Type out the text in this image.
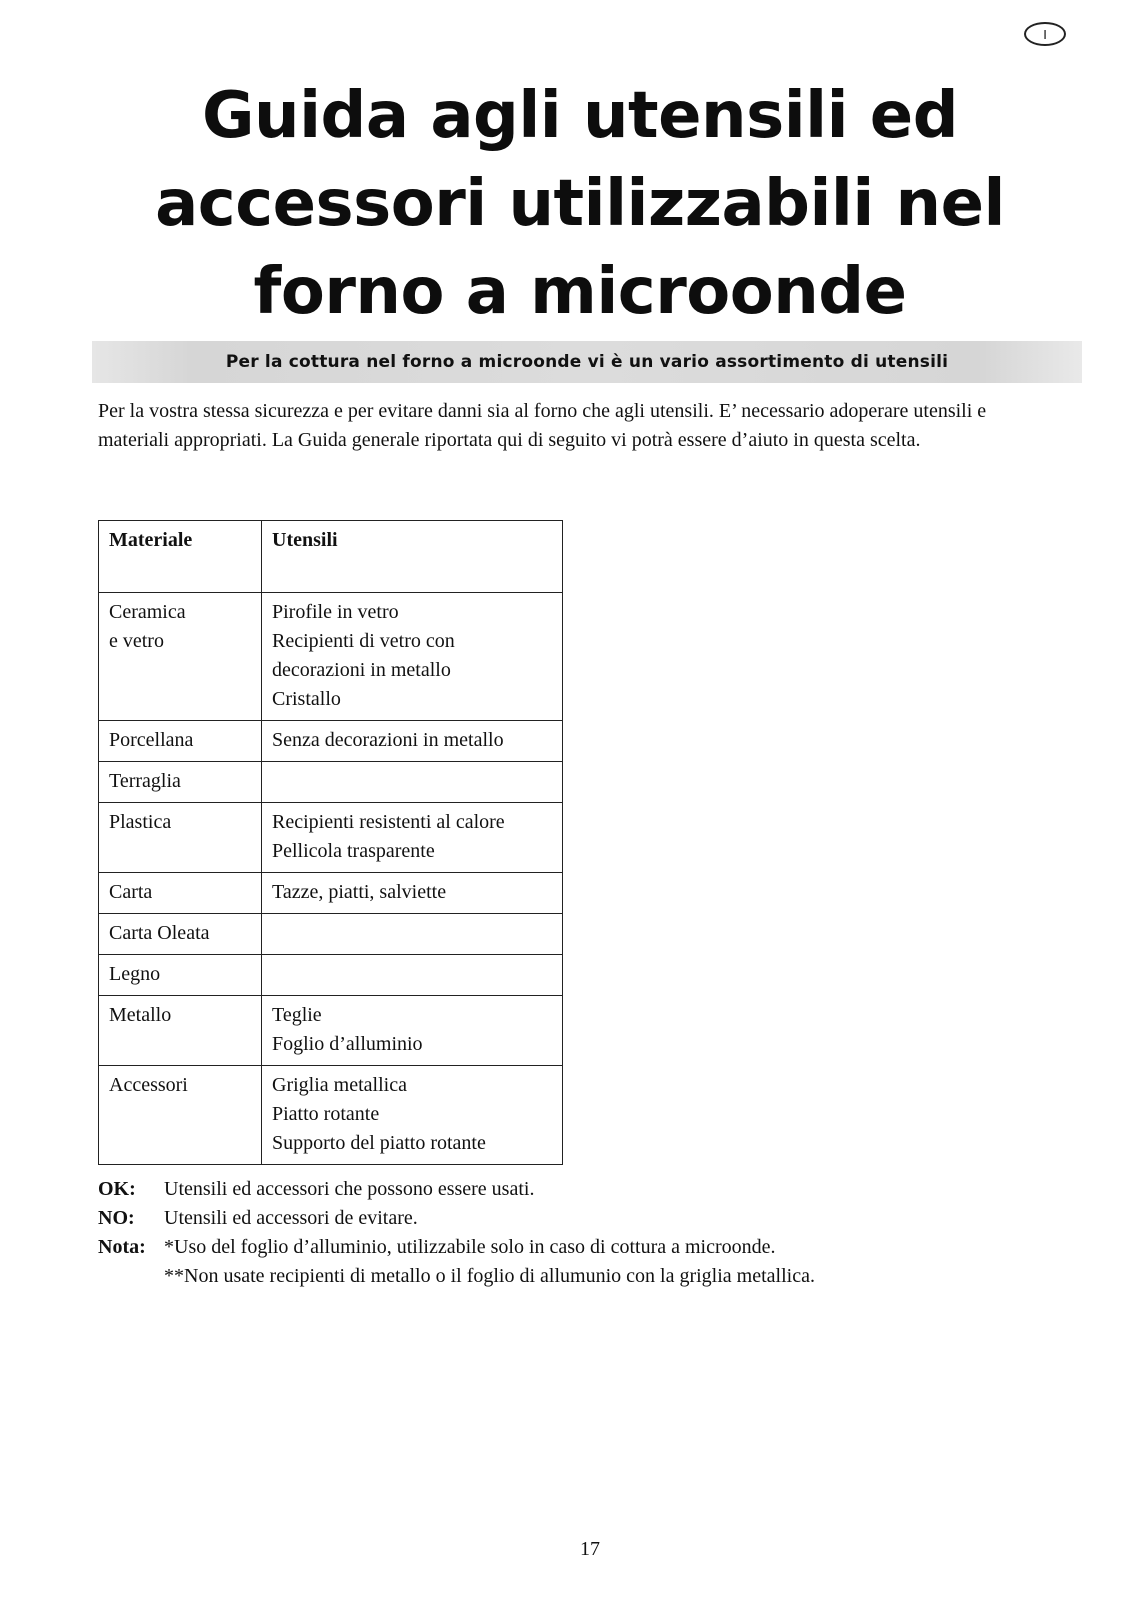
I
Guida agli utensili ed
accessori utilizzabili nel
forno a microonde
Per la cottura nel forno a microonde vi è un vario assortimento di utensili

Per la vostra stessa sicurezza e per evitare danni sia al forno che agli utensili. E’ necessario adoperare utensili e materiali appropriati. La Guida generale riportata qui di seguito vi potrà essere d’aiuto in questa scelta.

Materiale	Utensili

Ceramica
e vetro	Pirofile in vetro
Recipienti di vetro con
decorazioni in metallo
Cristallo

Porcellana	Senza decorazioni in metallo

Terraglia	

Plastica	Recipienti resistenti al calore
Pellicola trasparente

Carta	Tazze, piatti, salviette

Carta Oleata	

Legno	

Metallo	Teglie
Foglio d’alluminio

Accessori	Griglia metallica
Piatto rotante
Supporto del piatto rotante
OK:	Utensili ed accessori che possono essere usati.
NO:	Utensili ed accessori de evitare.
Nota: *Uso del foglio d’alluminio, utilizzabile solo in caso di cottura a microonde.
**Non usate recipienti di metallo o il foglio di allumunio con la griglia metallica.
17
